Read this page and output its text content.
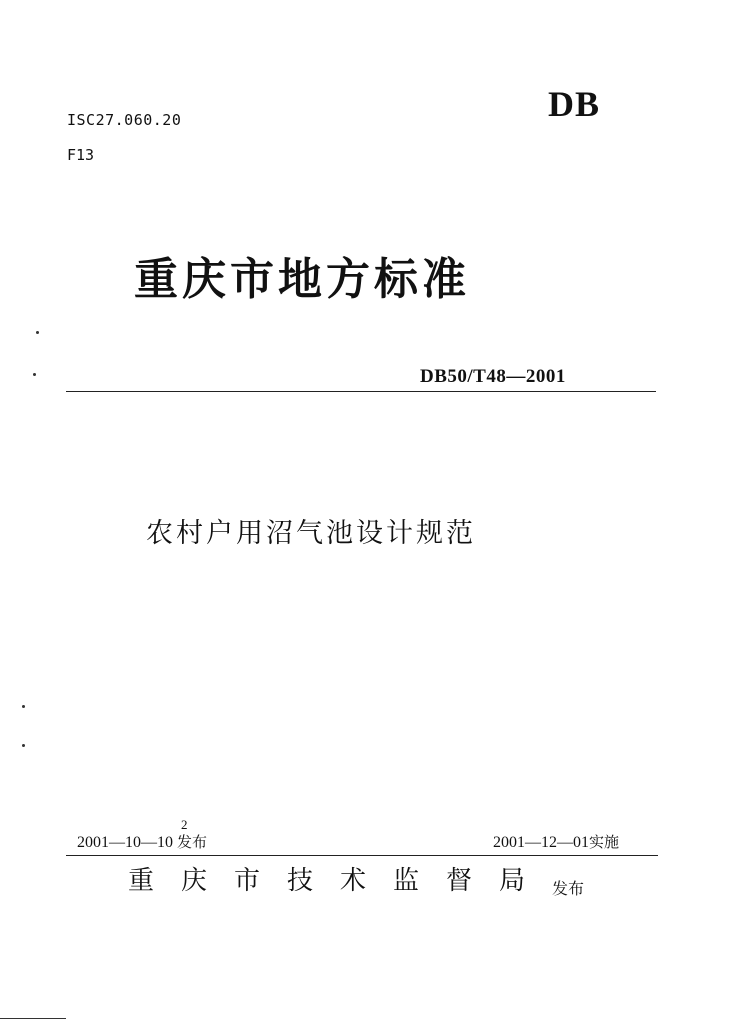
ISC27.060.20
F13
DB
重庆市地方标准
DB50/T48—2001
农村户用沼气池设计规范
2
2001—10—10 发布	2001—12—01实施
重 庆 市 技 术 监 督 局	发布
